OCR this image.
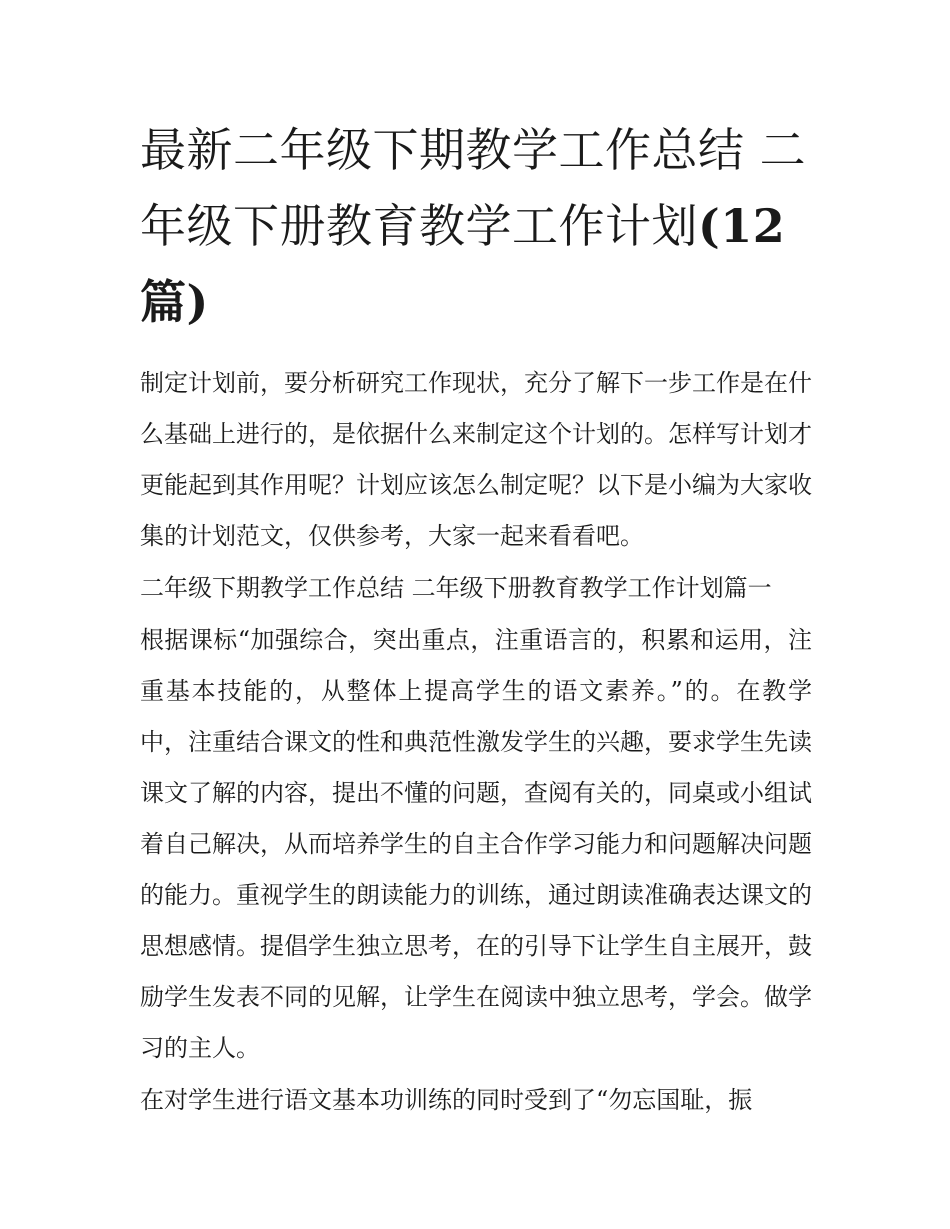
最新二年级下期教学工作总结 二年级下册教育教学工作计划(12篇)

制定计划前，要分析研究工作现状，充分了解下一步工作是在什么基础上进行的，是依据什么来制定这个计划的。怎样写计划才更能起到其作用呢？计划应该怎么制定呢？以下是小编为大家收集的计划范文，仅供参考，大家一起来看看吧。

二年级下期教学工作总结 二年级下册教育教学工作计划篇一

根据课标“加强综合，突出重点，注重语言的，积累和运用，注重基本技能的，从整体上提高学生的语文素养。”的。在教学中，注重结合课文的性和典范性激发学生的兴趣，要求学生先读课文了解的内容，提出不懂的问题，查阅有关的，同桌或小组试着自己解决，从而培养学生的自主合作学习能力和问题解决问题的能力。重视学生的朗读能力的训练，通过朗读准确表达课文的思想感情。提倡学生独立思考，在的引导下让学生自主展开，鼓励学生发表不同的见解，让学生在阅读中独立思考，学会。做学习的主人。

在对学生进行语文基本功训练的同时受到了“勿忘国耻，振
